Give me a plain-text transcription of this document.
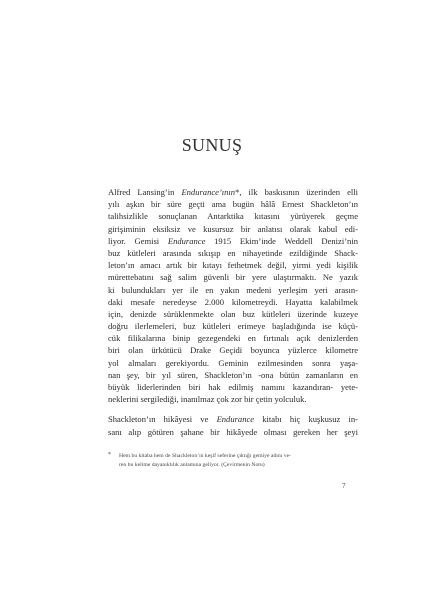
SUNUŞ
Alfred Lansing’in Endurance’ının*, ilk baskısının üzerinden elli
yılı aşkın bir süre geçti ama bugün hâlâ Ernest Shackleton’ın
talihsizlikle sonuçlanan Antarktika kıtasını yürüyerek geçme
girişiminin eksiksiz ve kusursuz bir anlatısı olarak kabul edi-
liyor. Gemisi Endurance 1915 Ekim’inde Weddell Denizi’nin
buz kütleleri arasında sıkışıp en nihayetinde ezildiğinde Shack-
leton’ın amacı artık bir kıtayı fethetmek değil, yirmi yedi kişilik
mürettebatını sağ salim güvenli bir yere ulaştırmaktı. Ne yazık
ki bulundukları yer ile en yakın medeni yerleşim yeri arasın-
daki mesafe neredeyse 2.000 kilometreydi. Hayatta kalabilmek
için, denizde sürüklenmekte olan buz kütleleri üzerinde kuzeye
doğru ilerlemeleri, buz kütleleri erimeye başladığında ise küçü-
cük filikalarına binip gezegendeki en fırtınalı açık denizlerden
biri olan ürkütücü Drake Geçidi boyunca yüzlerce kilometre
yol almaları gerekiyordu. Geminin ezilmesinden sonra yaşa-
nan şey, bir yıl süren, Shackleton’ın -ona bütün zamanların en
büyük liderlerinden biri hak edilmiş namını kazandıran- yete-
neklerini sergilediği, inanılmaz çok zor bir çetin yolculuk.
Shackleton’ın hikâyesi ve Endurance kitabı hiç kuşkusuz in-
sanı alıp götüren şahane bir hikâyede olması gereken her şeyi
* Hem bu kitaba hem de Shackleton’ın keşif seferine çıktığı gemiye adını ve-
ren bu kelime dayanıklılık anlamına geliyor. (Çevirmenin Notu)
7
